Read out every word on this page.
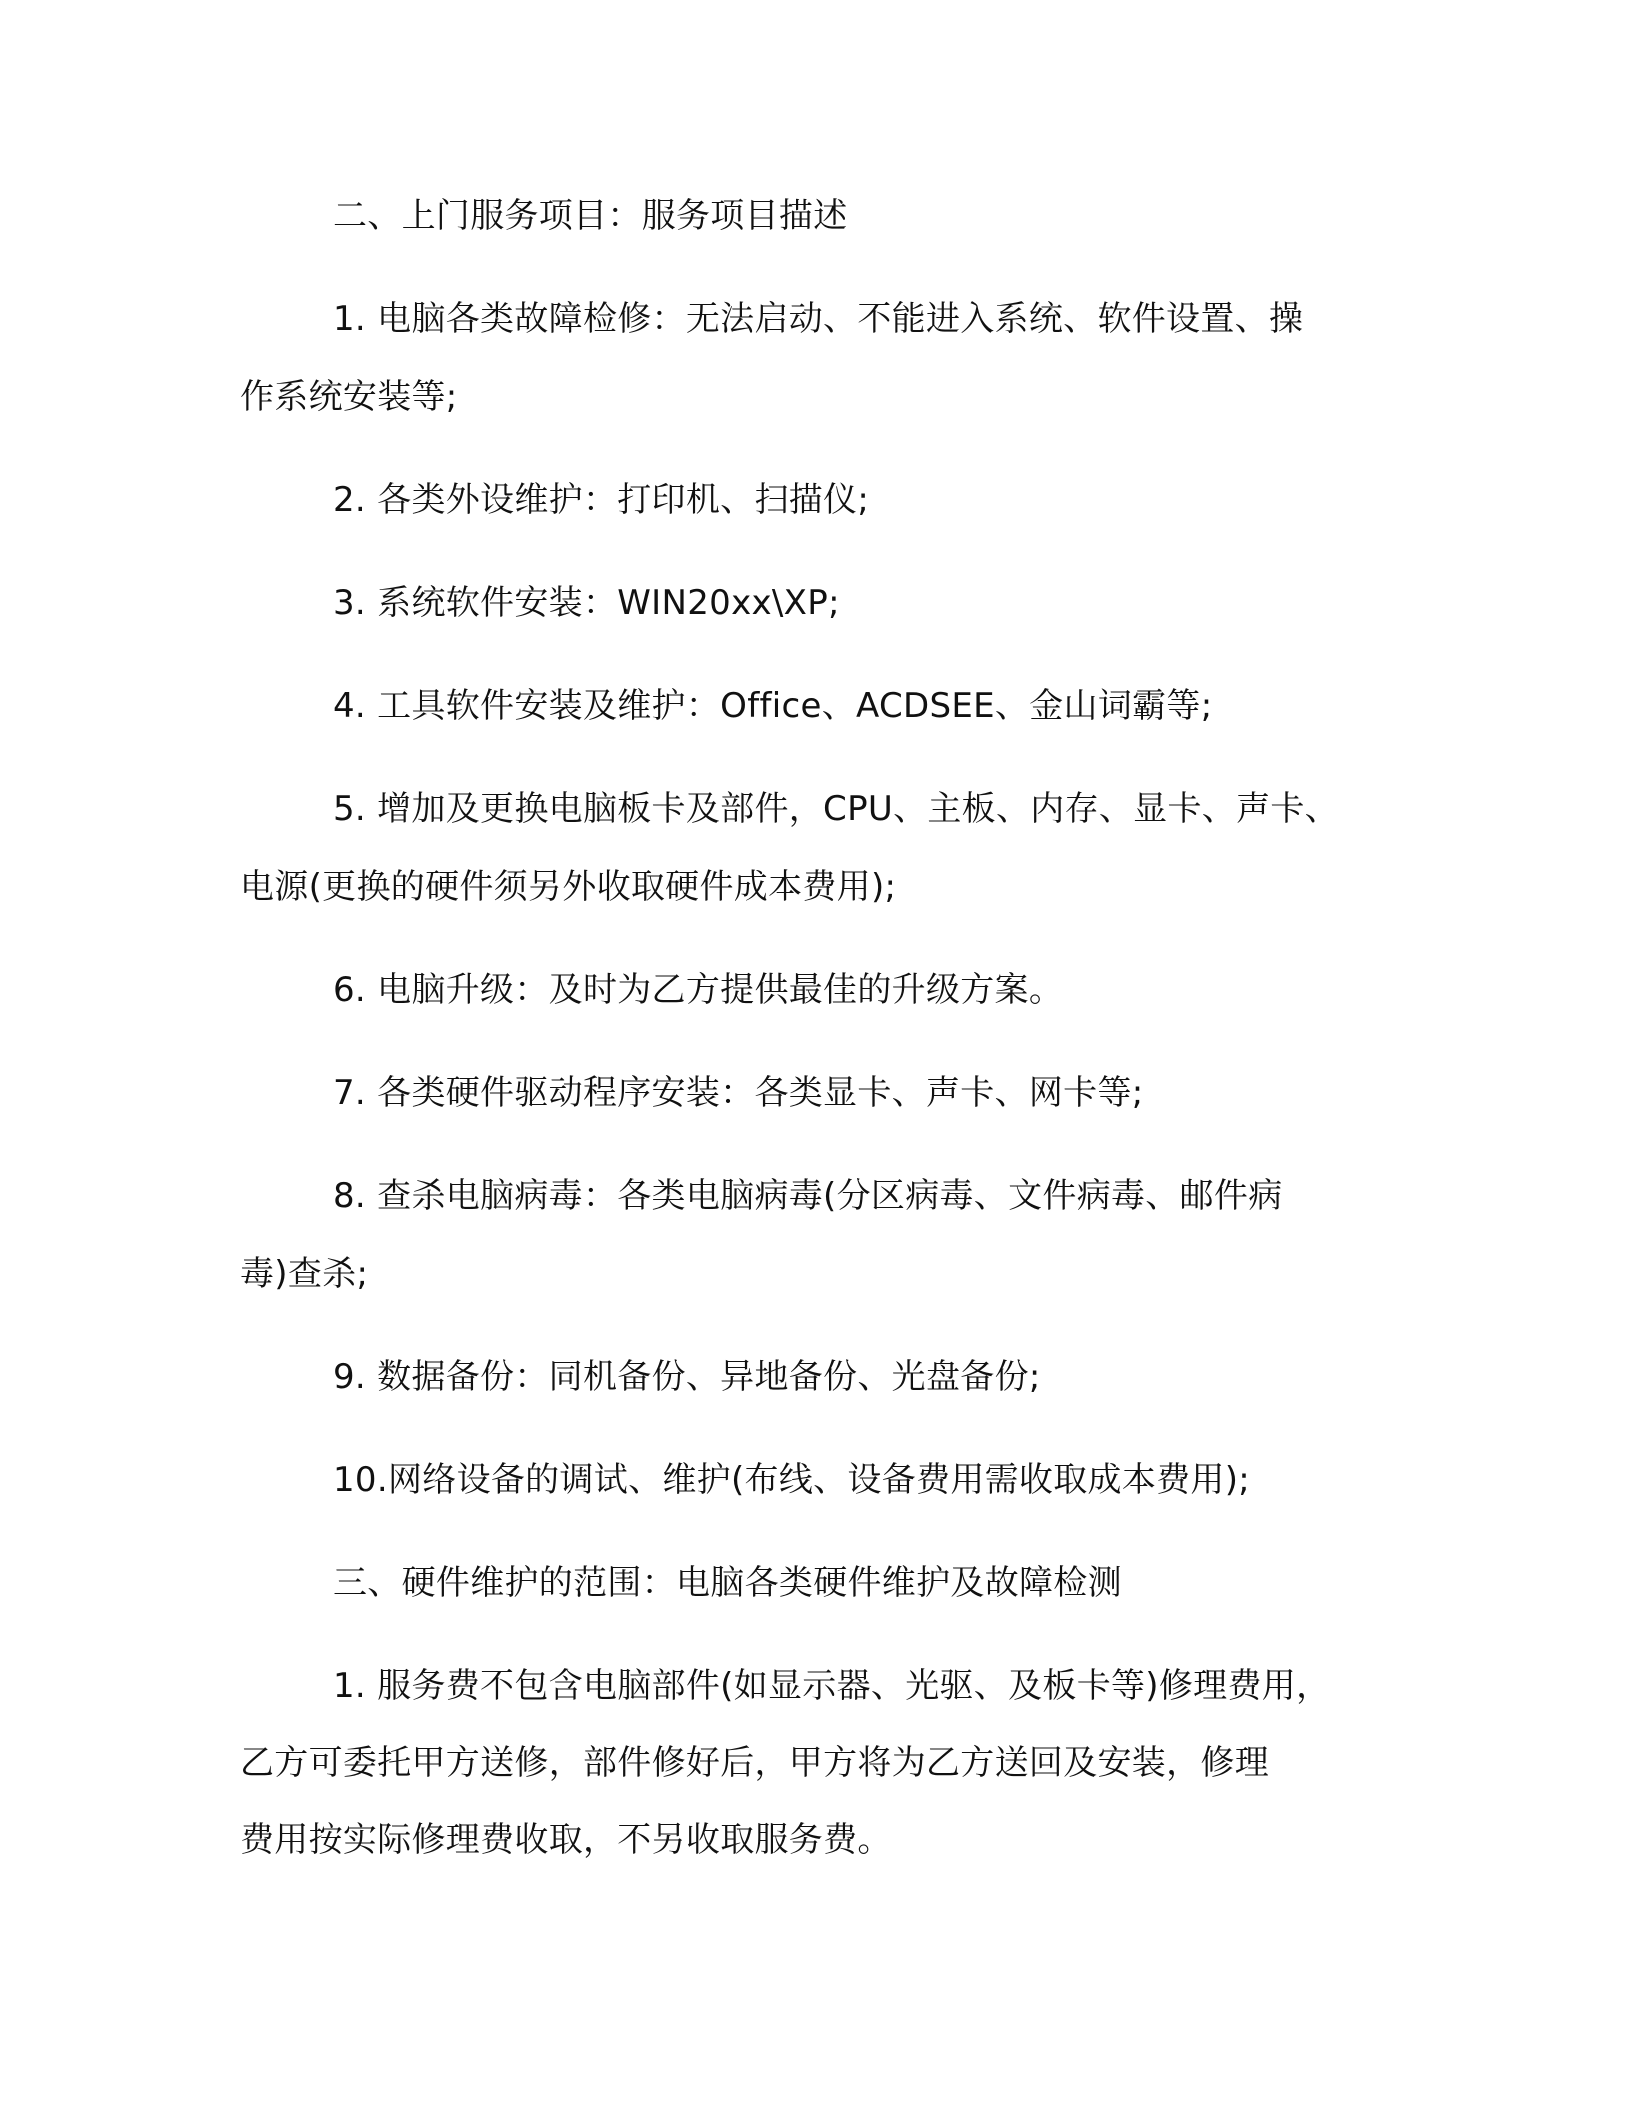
二、上门服务项目：服务项目描述
1. 电脑各类故障检修：无法启动、不能进入系统、软件设置、操
作系统安装等;
2. 各类外设维护：打印机、扫描仪;
3. 系统软件安装：WIN20xx\XP;
4. 工具软件安装及维护：Office、ACDSEE、金山词霸等;
5. 增加及更换电脑板卡及部件，CPU、主板、内存、显卡、声卡、
电源(更换的硬件须另外收取硬件成本费用);
6. 电脑升级：及时为乙方提供最佳的升级方案。
7. 各类硬件驱动程序安装：各类显卡、声卡、网卡等;
8. 查杀电脑病毒：各类电脑病毒(分区病毒、文件病毒、邮件病
毒)查杀;
9. 数据备份：同机备份、异地备份、光盘备份;
10.网络设备的调试、维护(布线、设备费用需收取成本费用);
三、硬件维护的范围：电脑各类硬件维护及故障检测
1. 服务费不包含电脑部件(如显示器、光驱、及板卡等)修理费用，
乙方可委托甲方送修，部件修好后，甲方将为乙方送回及安装，修理
费用按实际修理费收取，不另收取服务费。
